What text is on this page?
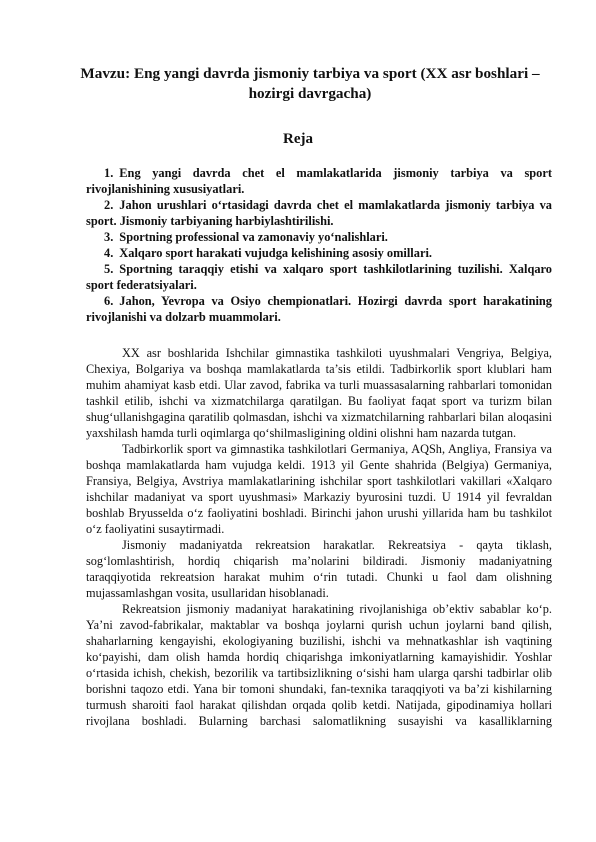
Mavzu: Eng yangi davrda jismoniy tarbiya va sport (XX asr boshlari – hozirgi davrgacha)
Reja
1. Eng yangi davrda chet el mamlakatlarida jismoniy tarbiya va sport rivojlanishining xususiyatlari.
2. Jahon urushlari oʻrtasidagi davrda chet el mamlakatlarda jismoniy tarbiya va sport. Jismoniy tarbiyaning harbiylashtirilishi.
3. Sportning professional va zamonaviy yoʻnalishlari.
4. Xalqaro sport harakati vujudga kelishining asosiy omillari.
5. Sportning taraqqiy etishi va xalqaro sport tashkilotlarining tuzilishi. Xalqaro sport federatsiyalari.
6. Jahon, Yevropa va Osiyo chempionatlari. Hozirgi davrda sport harakatining rivojlanishi va dolzarb muammolari.

XX asr boshlarida Ishchilar gimnastika tashkiloti uyushmalari Vengriya, Belgiya, Chexiya, Bolgariya va boshqa mamlakatlarda ta’sis etildi. Tadbirkorlik sport klublari ham muhim ahamiyat kasb etdi. Ular zavod, fabrika va turli muassasalarning rahbarlari tomonidan tashkil etilib, ishchi va xizmatchilarga qaratilgan. Bu faoliyat faqat sport va turizm bilan shugʻullanishgagina qaratilib qolmasdan, ishchi va xizmatchilarning rahbarlari bilan aloqasini yaxshilash hamda turli oqimlarga qoʻshilmasligining oldini olishni ham nazarda tutgan.

Tadbirkorlik sport va gimnastika tashkilotlari Germaniya, AQSh, Angliya, Fransiya va boshqa mamlakatlarda ham vujudga keldi. 1913 yil Gente shahrida (Belgiya) Germaniya, Fransiya, Belgiya, Avstriya mamlakatlarining ishchilar sport tashkilotlari vakillari «Xalqaro ishchilar madaniyat va sport uyushmasi» Markaziy byurosini tuzdi. U 1914 yil fevraldan boshlab Bryusselda oʻz faoliyatini boshladi. Birinchi jahon urushi yillarida ham bu tashkilot oʻz faoliyatini susaytirmadi.

Jismoniy madaniyatda rekreatsion harakatlar. Rekreatsiya - qayta tiklash, sogʻlomlashtirish, hordiq chiqarish ma’nolarini bildiradi. Jismoniy madaniyatning taraqqiyotida rekreatsion harakat muhim oʻrin tutadi. Chunki u faol dam olishning mujassamlashgan vosita, usullaridan hisoblanadi.

Rekreatsion jismoniy madaniyat harakatining rivojlanishiga ob’ektiv sabablar koʻp. Ya’ni zavod-fabrikalar, maktablar va boshqa joylarni qurish uchun joylarni band qilish, shaharlarning kengayishi, ekologiyaning buzilishi, ishchi va mehnatkashlar ish vaqtining koʻpayishi, dam olish hamda hordiq chiqarishga imkoniyatlarning kamayishidir. Yoshlar oʻrtasida ichish, chekish, bezorilik va tartibsizlikning oʻsishi ham ularga qarshi tadbirlar olib borishni taqozo etdi. Yana bir tomoni shundaki, fan-texnika taraqqiyoti va ba’zi kishilarning turmush sharoiti faol harakat qilishdan orqada qolib ketdi. Natijada, gipodinamiya hollari rivojlana boshladi. Bularning barchasi salomatlikning susayishi va kasalliklarning
